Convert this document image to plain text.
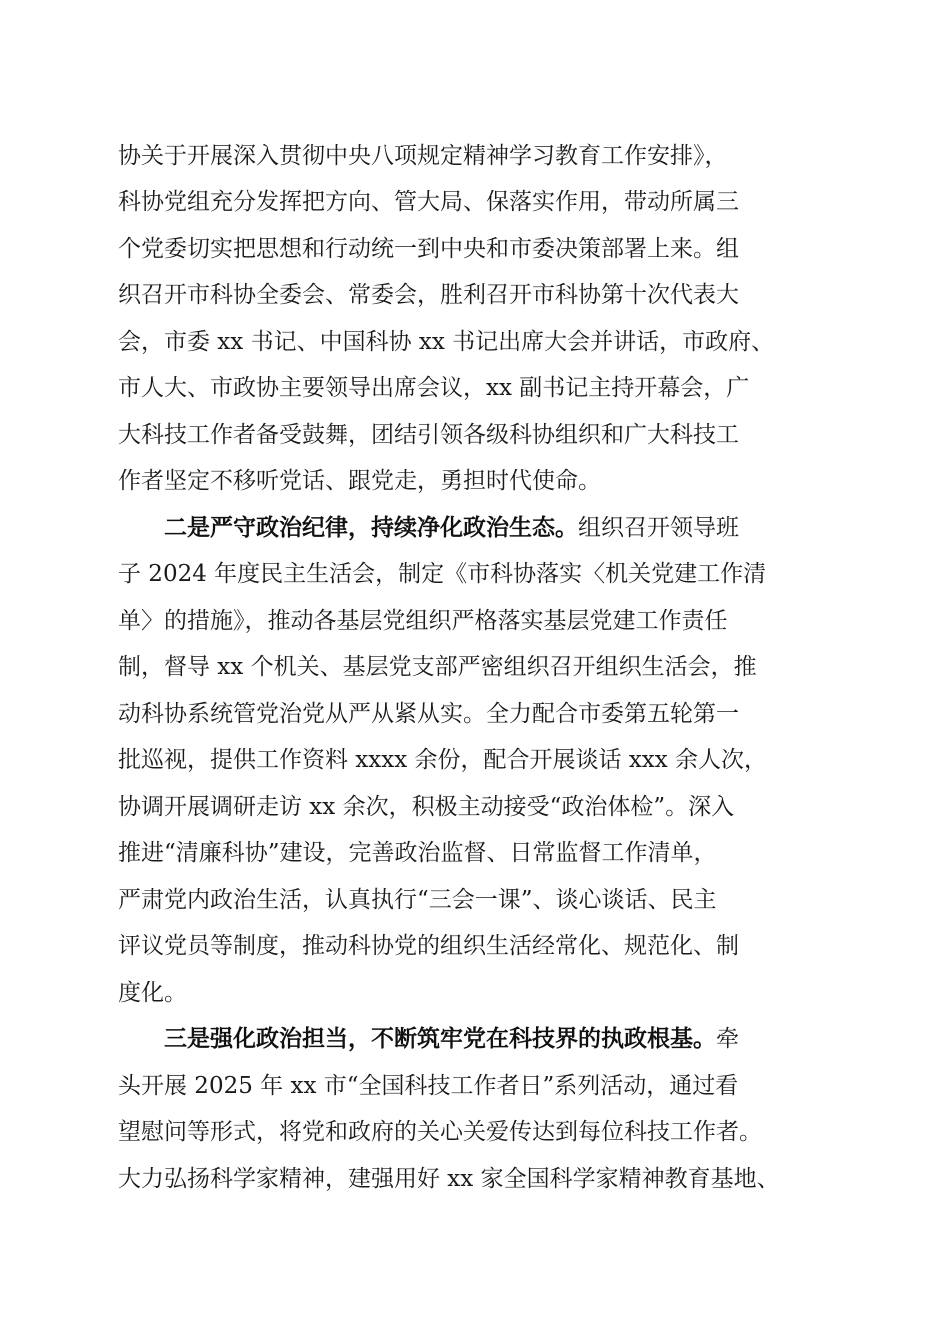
协关于开展深入贯彻中央八项规定精神学习教育工作安排》，
科协党组充分发挥把方向、管大局、保落实作用，带动所属三
个党委切实把思想和行动统一到中央和市委决策部署上来。组
织召开市科协全委会、常委会，胜利召开市科协第十次代表大
会，市委 xx 书记、中国科协 xx 书记出席大会并讲话，市政府、
市人大、市政协主要领导出席会议，xx 副书记主持开幕会，广
大科技工作者备受鼓舞，团结引领各级科协组织和广大科技工
作者坚定不移听党话、跟党走，勇担时代使命。
二是严守政治纪律，持续净化政治生态。组织召开领导班
子 2024 年度民主生活会，制定《市科协落实〈机关党建工作清
单〉的措施》，推动各基层党组织严格落实基层党建工作责任
制，督导 xx 个机关、基层党支部严密组织召开组织生活会，推
动科协系统管党治党从严从紧从实。全力配合市委第五轮第一
批巡视，提供工作资料 xxxx 余份，配合开展谈话 xxx 余人次，
协调开展调研走访 xx 余次，积极主动接受“政治体检”。深入
推进“清廉科协”建设，完善政治监督、日常监督工作清单，
严肃党内政治生活，认真执行“三会一课”、谈心谈话、民主
评议党员等制度，推动科协党的组织生活经常化、规范化、制
度化。
三是强化政治担当，不断筑牢党在科技界的执政根基。牵
头开展 2025 年 xx 市“全国科技工作者日”系列活动，通过看
望慰问等形式，将党和政府的关心关爱传达到每位科技工作者。
大力弘扬科学家精神，建强用好 xx 家全国科学家精神教育基地、
